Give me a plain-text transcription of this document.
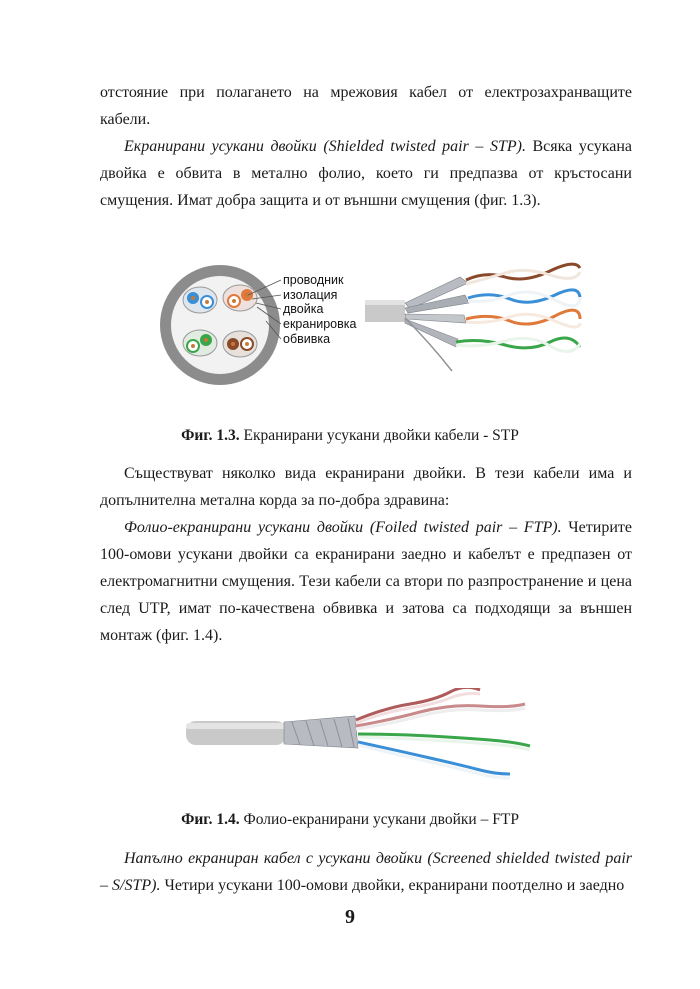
отстояние при полагането на мрежовия кабел от електрозахранващите кабели.

Екранирани усукани двойки (Shielded twisted pair – STP). Всяка усукана двойка е обвита в метално фолио, което ги предпазва от кръстосани смущения. Имат добра защита и от външни смущения (фиг. 1.3).

проводник
изолация
двойка
екранировка
обвивка

Фиг. 1.3. Екранирани усукани двойки кабели - STP

Съществуват няколко вида екранирани двойки. В тези кабели има и допълнителна метална корда за по-добра здравина:

Фолио-екранирани усукани двойки (Foiled twisted pair – FTP). Четирите 100-омови усукани двойки са екранирани заедно и кабелът е предпазен от електромагнитни смущения. Тези кабели са втори по разпространение и цена след UTP, имат по-качествена обвивка и затова са подходящи за външен монтаж (фиг. 1.4).

Фиг. 1.4. Фолио-екранирани усукани двойки – FTP

Напълно екраниран кабел с усукани двойки (Screened shielded twisted pair – S/STP). Четири усукани 100-омови двойки, екранирани поотделно и заедно

9
